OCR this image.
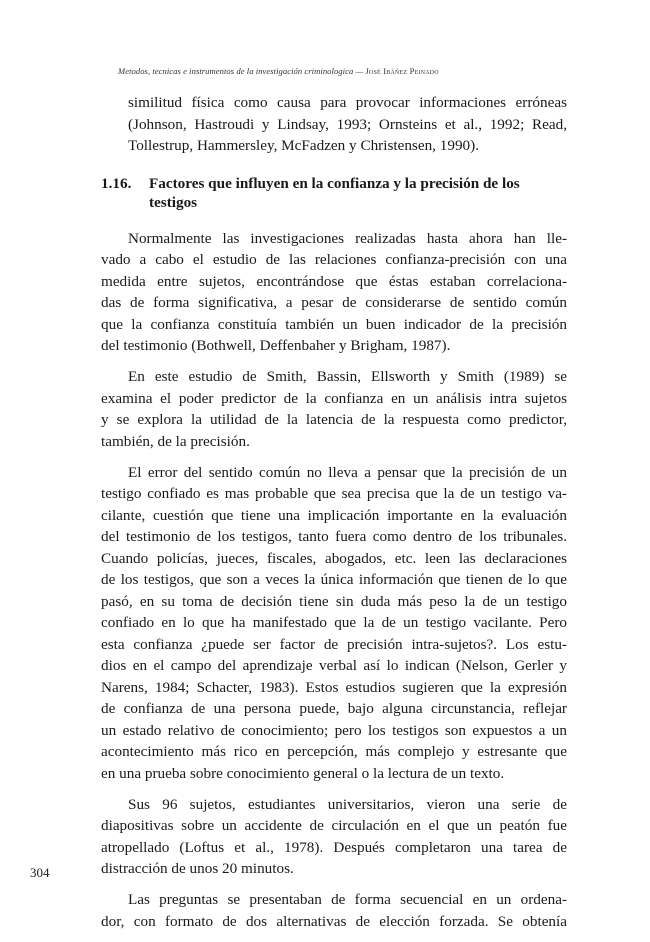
Metodos, tecnicas e instrumentos de la investigación criminologica — José Ibáñez Peinado
similitud física como causa para provocar informaciones erróneas
(Johnson, Hastroudi y Lindsay, 1993; Ornsteins et al., 1992; Read,
Tollestrup, Hammersley, McFadzen y Christensen, 1990).
1.16.	Factores que influyen en la confianza y la precisión de los testigos

Normalmente las investigaciones realizadas hasta ahora han lle-
vado a cabo el estudio de las relaciones confianza-precisión con una
medida entre sujetos, encontrándose que éstas estaban correlaciona-
das de forma significativa, a pesar de considerarse de sentido común
que la confianza constituía también un buen indicador de la precisión
del testimonio (Bothwell, Deffenbaher y Brigham, 1987).

En este estudio de Smith, Bassin, Ellsworth y Smith (1989) se
examina el poder predictor de la confianza en un análisis intra sujetos
y se explora la utilidad de la latencia de la respuesta como predictor,
también, de la precisión.

El error del sentido común no lleva a pensar que la precisión de un
testigo confiado es mas probable que sea precisa que la de un testigo va-
cilante, cuestión que tiene una implicación importante en la evaluación
del testimonio de los testigos, tanto fuera como dentro de los tribunales.
Cuando policías, jueces, fiscales, abogados, etc. leen las declaraciones
de los testigos, que son a veces la única información que tienen de lo que
pasó, en su toma de decisión tiene sin duda más peso la de un testigo
confiado en lo que ha manifestado que la de un testigo vacilante. Pero
esta confianza ¿puede ser factor de precisión intra-sujetos?. Los estu-
dios en el campo del aprendizaje verbal así lo indican (Nelson, Gerler y
Narens, 1984; Schacter, 1983). Estos estudios sugieren que la expresión
de confianza de una persona puede, bajo alguna circunstancia, reflejar
un estado relativo de conocimiento; pero los testigos son expuestos a un
acontecimiento más rico en percepción, más complejo y estresante que
en una prueba sobre conocimiento general o la lectura de un texto.

Sus 96 sujetos, estudiantes universitarios, vieron una serie de
diapositivas sobre un accidente de circulación en el que un peatón fue
atropellado (Loftus et al., 1978). Después completaron una tarea de
distracción de unos 20 minutos.

Las preguntas se presentaban de forma secuencial en un ordena-
dor, con formato de dos alternativas de elección forzada. Se obtenía

304
